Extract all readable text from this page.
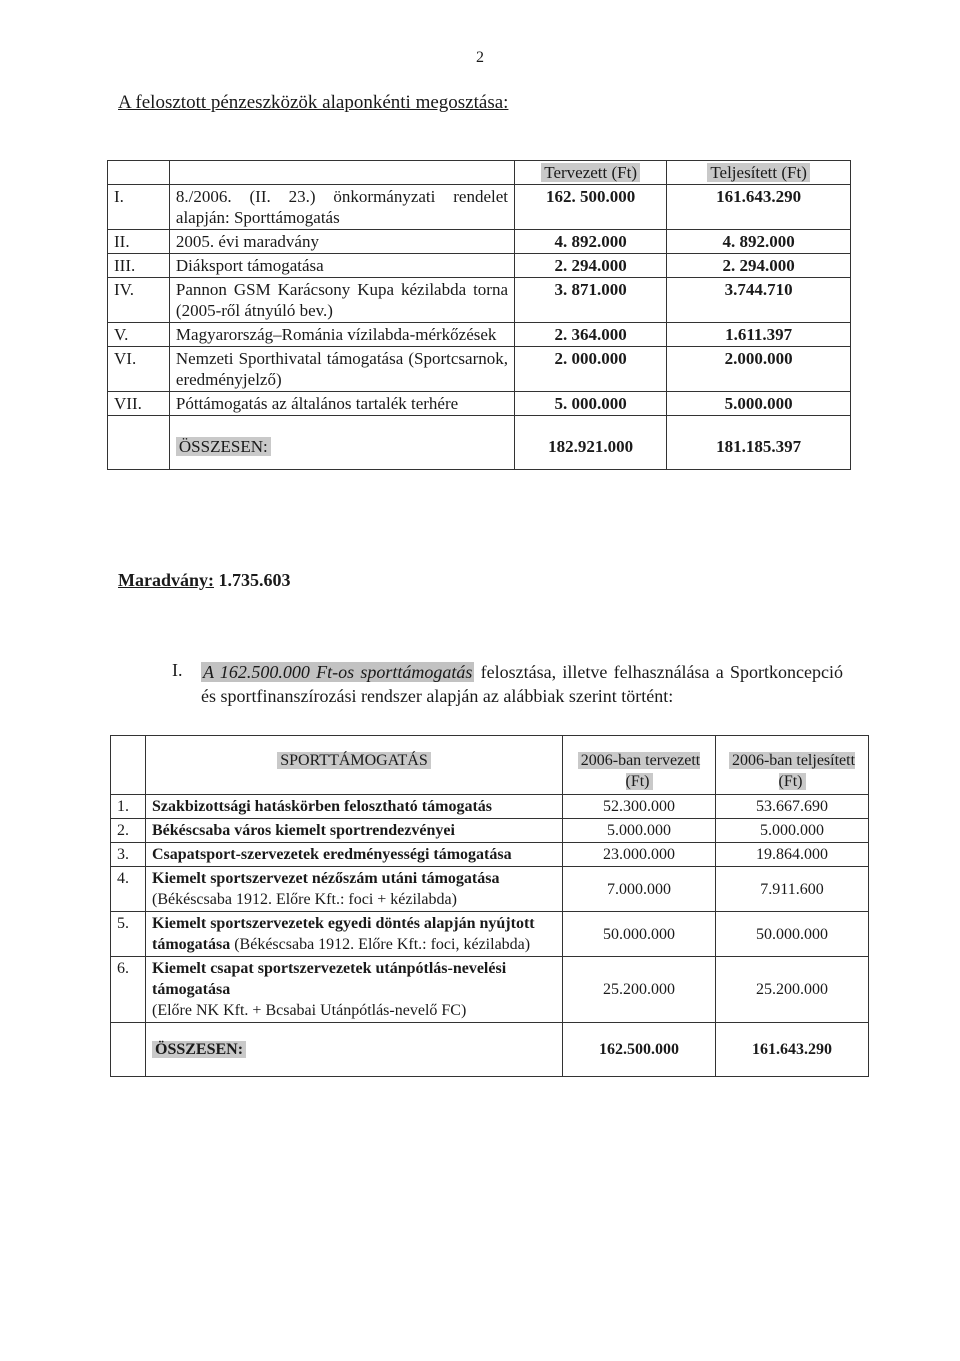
2
A felosztott pénzeszközök alaponkénti megosztása:
		Tervezett (Ft)	Teljesített (Ft)
I.	8./2006. (II. 23.) önkormányzati rendelet alapján: Sporttámogatás	162. 500.000	161.643.290
II.	2005. évi maradvány	4. 892.000	4. 892.000
III.	Diáksport támogatása	2. 294.000	2. 294.000
IV.	Pannon GSM Karácsony Kupa kézilabda torna (2005-ről átnyúló bev.)	3. 871.000	3.744.710
V.	Magyarország–Románia vízilabda-mérkőzések	2. 364.000	1.611.397
VI.	Nemzeti Sporthivatal támogatása (Sportcsarnok, eredményjelző)	2. 000.000	2.000.000
VII.	Póttámogatás az általános tartalék terhére	5. 000.000	5.000.000
	ÖSSZESEN:	182.921.000	181.185.397
Maradvány: 1.735.603
I. A 162.500.000 Ft-os sporttámogatás felosztása, illetve felhasználása a Sportkoncepció és sportfinanszírozási rendszer alapján az alábbiak szerint történt:
	SPORTTÁMOGATÁS	2006-ban tervezett (Ft)	2006-ban teljesített (Ft)
1.	Szakbizottsági hatáskörben felosztható támogatás	52.300.000	53.667.690
2.	Békéscsaba város kiemelt sportrendezvényei	5.000.000	5.000.000
3.	Csapatsport-szervezetek eredményességi támogatása	23.000.000	19.864.000
4.	Kiemelt sportszervezet nézőszám utáni támogatása
(Békéscsaba 1912. Előre Kft.: foci + kézilabda)	7.000.000	7.911.600
5.	Kiemelt sportszervezetek egyedi döntés alapján nyújtott támogatása (Békéscsaba 1912. Előre Kft.: foci, kézilabda)	50.000.000	50.000.000
6.	Kiemelt csapat sportszervezetek utánpótlás-nevelési támogatása
(Előre NK Kft. + Bcsabai Utánpótlás-nevelő FC)	25.200.000	25.200.000
	ÖSSZESEN:	162.500.000	161.643.290
